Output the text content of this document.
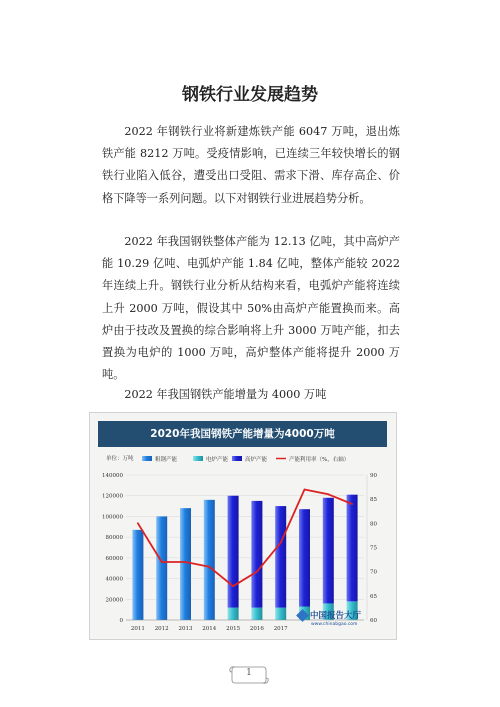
钢铁行业发展趋势

2022 年钢铁行业将新建炼铁产能 6047 万吨，退出炼铁产能 8212 万吨。受疫情影响，已连续三年较快增长的钢铁行业陷入低谷，遭受出口受阻、需求下滑、库存高企、价格下降等一系列问题。以下对钢铁行业进展趋势分析。

2022 年我国钢铁整体产能为 12.13 亿吨，其中高炉产能 10.29 亿吨、电弧炉产能 1.84 亿吨，整体产能较 2022 年连续上升。钢铁行业分析从结构来看，电弧炉产能将连续上升 2000 万吨，假设其中 50%由高炉产能置换而来。高炉由于技改及置换的综合影响将上升 3000 万吨产能，扣去置换为电炉的 1000 万吨，高炉整体产能将提升 2000 万吨。

2022 年我国钢铁产能增量为 4000 万吨

2020年我国钢铁产能增量为4000万吨
单位：万吨
0
20000
40000
60000
80000
100000
120000
140000
60
65
70
75
80
85
90
2011 2012 2013 2014 2015 2016 2017
粗钢产能	电炉产能	高炉产能	产能利用率（%，右轴）
中国报告大厅
www.chinabgao.com
1
